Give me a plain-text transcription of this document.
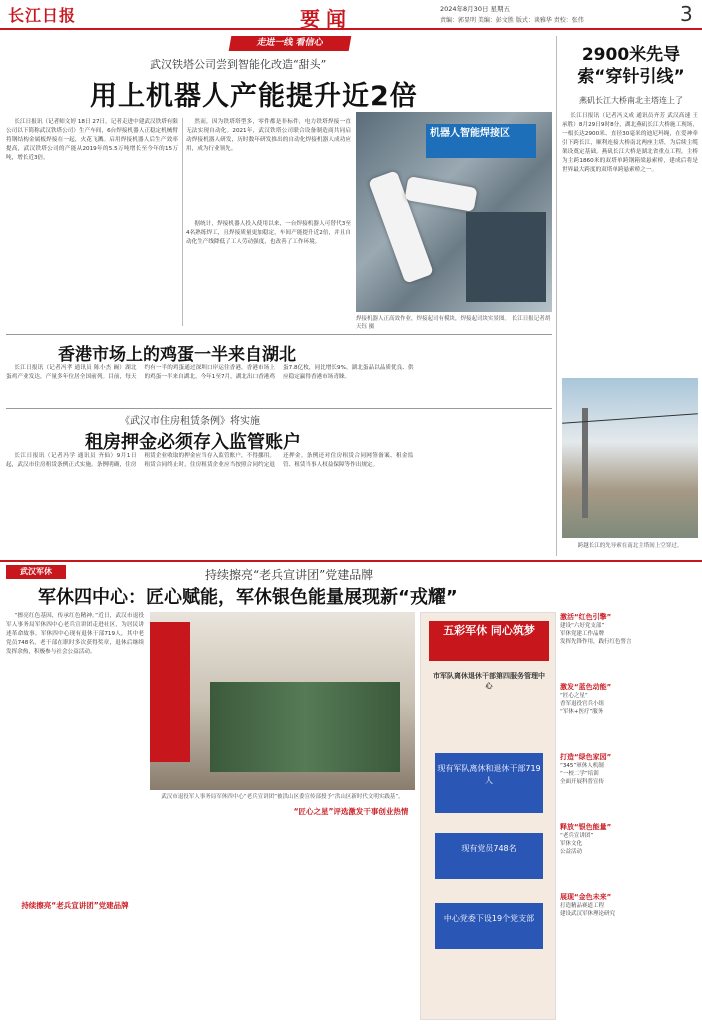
长江日报	要闻	2024年8月30日 星期五
责编：郭显明 美编：彭文胜 版式：谈雅华 责校：张伟	3
走进一线 看信心
武汉铁塔公司尝到智能化改造“甜头”
用上机器人产能提升近2倍

长江日报讯（记者师文婷 18日 27日，记者走进中建武汉铁塔有限公司以下简称武汉铁塔公司）生产车间，6台焊接机器人正稳定机械臂将钢结构金属板焊接在一起，火花飞溅。启用焊接机器人后生产效率提高，武汉铁塔公司的产能从2019年的5.5万吨增长至今年的15万吨，增长近3倍。

然而，因为铁塔塔型多，零件都是非标件，电力铁塔焊接一直无法实现自动化。2021年，武汉铁塔公司联合设备制造商共同启动焊接机器人研发，历时数年研发推出的自动化焊接机器人成功应用，成为行业领先。

据统计，焊接机器人投入使用以来，一台焊接机器人可替代3至4名熟练焊工，且焊接质量更加稳定，车间产能提升近2倍，并且自动化生产线降低了工人劳动强度，也改善了工作环境。

机器人智能焊接区
焊接机器人正高效作业，焊接起司有模块，焊接起司块实景图。 长江日报记者胡天钰 摄
2900米先导索“穿针引线”
燕矶长江大桥南北主塔连上了

长江日报讯（记者冯义成 通讯员齐芳 武汉高速 王承胜）8月29日9时8分，湖北燕矶长江大桥施工现场，一根长达2900米、直径30毫米的迪尼玛绳，在爱神牵引下跨长江，顺利连接大桥南北两座主塔，为后续主缆架设奠定基础。燕矶长江大桥是湖北省重点工程，主桥为主跨1860米的双塔单跨钢箱梁悬索桥，建成后将是世界最大跨度的双塔单跨悬索桥之一。

跨越长江的先导索在南北主塔间上空穿过。
香港市场上的鸡蛋一半来自湖北

长江日报讯（记者冯孝 通讯员 陈小杰 阚）湖北蛋鸡产业发达，产量多年位居全国前列。目前，每天约有一半的鸡蛋通过深圳口岸运往香港，香港市场上的鸡蛋一半来自湖北。今年1至7月，湖北出口香港鸡蛋7.8亿枚，同比增长9%。湖北蛋品以品质优良、供应稳定赢得香港市场青睐。

《武汉市住房租赁条例》将实施
租房押金必须存入监管账户

长江日报讯（记者冯学 通讯员 齐仙）9月1日起，武汉市住房租赁条例正式实施。条例明确，住房租赁企业收取的押金应当存入监管账户，不得挪用。租赁合同终止时，住房租赁企业应当按照合同约定退还押金。条例还对住房租赁合同网签备案、租金监管、租赁当事人权益保障等作出规定。

武汉军休	持续擦亮“老兵宣讲团”党建品牌
军休四中心：匠心赋能，军休银色能量展现新“戎耀”

“擦亮红色基因，传承红色精神。”近日，武汉市退役军人事务局军休四中心老兵宣讲团走进社区，为居民讲述革命故事。军休四中心现有退休干部719人，其中老党员748名，老干部在职时多次获得奖章，退休后继续发挥余热，积极参与社会公益活动。

持续擦亮“老兵宣讲团”党建品牌
武汉市退役军人事务局军休四中心“老兵宣讲团”被洪山区委宣传部授予“洪山区新时代文明实践基”。
“匠心之星”评选激发干事创业热情
五彩军休 同心筑梦
市军队离休退休干部第四服务管理中心
现有军队离休和退休干部719人
现有党员748名
中心党委下设19个党支部
激活“红色引擎”
建设“六好党支部”
军休党建工作品牌
发挥先锋作用，践行红色誓言
激发“蓝色动能”
“匠心之星”
香军退役官兵小组
“军休+医疗”服务
打造“绿色家园”
“345”軍休人机制
“一校二学”培训
全面开展科普宣传
释放“银色能量”
“老兵宣讲团”
军休文化
公益活动
展现“金色未来”
打造精品赛道工程
建设武汉军休理论研究
